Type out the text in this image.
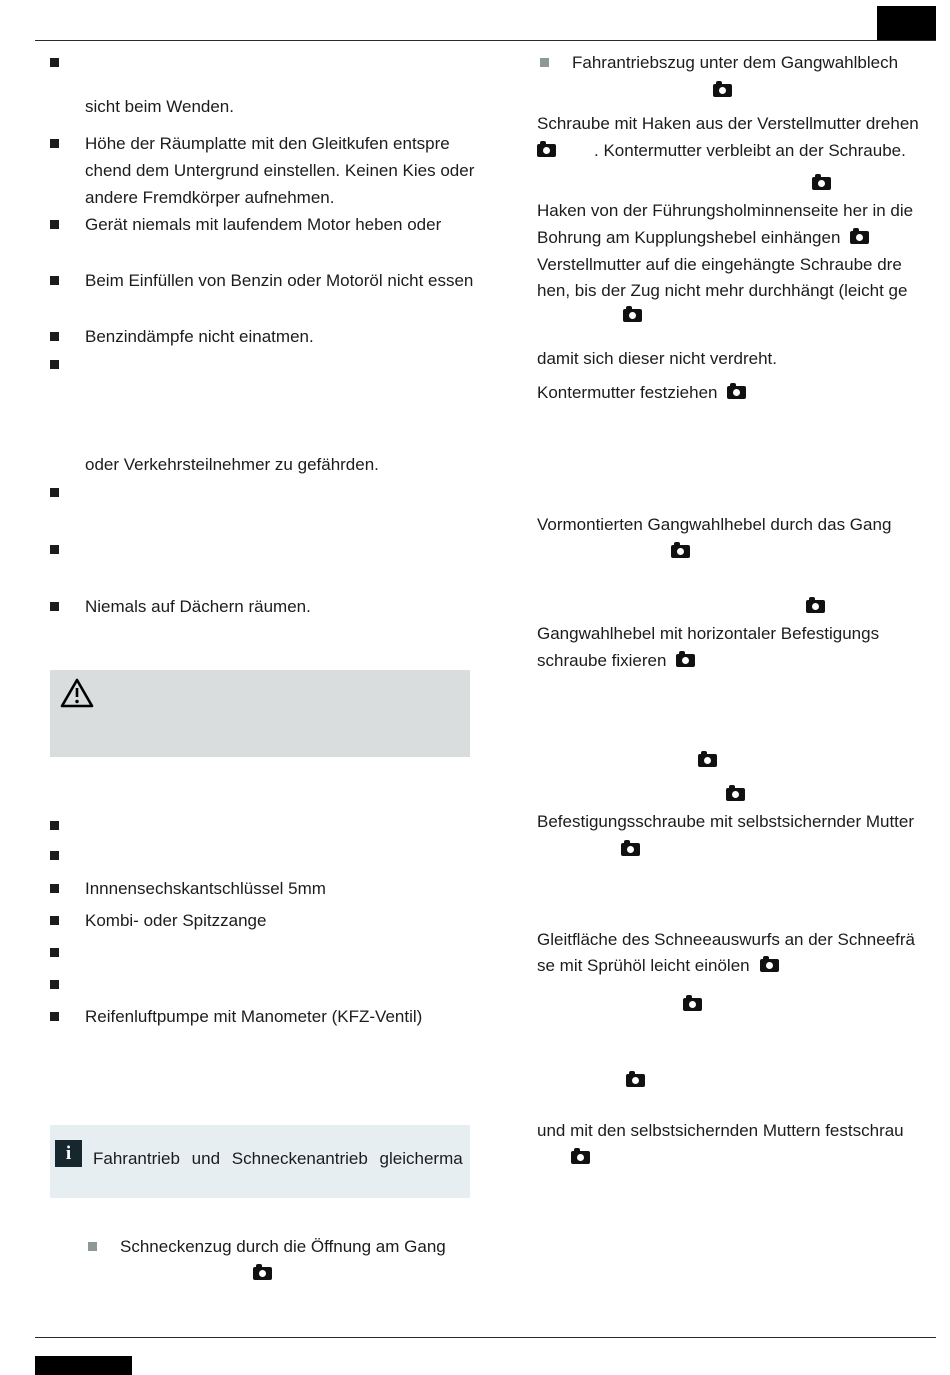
sicht beim Wenden.
Höhe der Räumplatte mit den Gleitkufen entspre
chend dem Untergrund einstellen. Keinen Kies oder
andere Fremdkörper aufnehmen.
Gerät niemals mit laufendem Motor heben oder
Beim Einfüllen von Benzin oder Motoröl nicht essen
Benzindämpfe nicht einatmen.
oder Verkehrsteilnehmer zu gefährden.
Niemals auf Dächern räumen.
Innnensechskantschlüssel 5mm
Kombi- oder Spitzzange
Reifenluftpumpe mit Manometer (KFZ-Ventil)
i	Fahrantrieb und Schneckenantrieb gleicherma
Schneckenzug durch die Öffnung am Gang
Fahrantriebszug unter dem Gangwahlblech
Schraube mit Haken aus der Verstellmutter drehen
. Kontermutter verbleibt an der Schraube.
Haken von der Führungsholminnenseite her in die
Bohrung am Kupplungshebel einhängen
Verstellmutter auf die eingehängte Schraube dre
hen, bis der Zug nicht mehr durchhängt (leicht ge
damit sich dieser nicht verdreht.
Kontermutter festziehen
Vormontierten Gangwahlhebel durch das Gang
Gangwahlhebel mit horizontaler Befestigungs
schraube fixieren
Befestigungsschraube mit selbstsichernder Mutter
Gleitfläche des Schneeauswurfs an der Schneefrä
se mit Sprühöl leicht einölen
und mit den selbstsichernden Muttern festschrau
